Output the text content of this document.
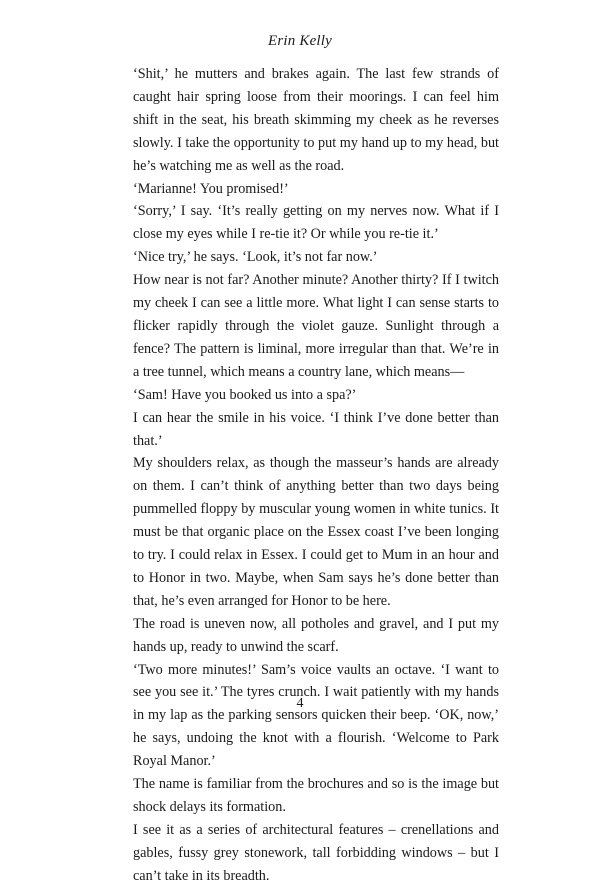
Erin Kelly

‘Shit,’ he mutters and brakes again. The last few strands of caught hair spring loose from their moorings. I can feel him shift in the seat, his breath skimming my cheek as he reverses slowly. I take the opportunity to put my hand up to my head, but he’s watching me as well as the road.

‘Marianne! You promised!’

‘Sorry,’ I say. ‘It’s really getting on my nerves now. What if I close my eyes while I re-tie it? Or while you re-tie it.’

‘Nice try,’ he says. ‘Look, it’s not far now.’

How near is not far? Another minute? Another thirty? If I twitch my cheek I can see a little more. What light I can sense starts to flicker rapidly through the violet gauze. Sunlight through a fence? The pattern is liminal, more irregular than that. We’re in a tree tunnel, which means a country lane, which means—

‘Sam! Have you booked us into a spa?’

I can hear the smile in his voice. ‘I think I’ve done better than that.’

My shoulders relax, as though the masseur’s hands are already on them. I can’t think of anything better than two days being pummelled floppy by muscular young women in white tunics. It must be that organic place on the Essex coast I’ve been longing to try. I could relax in Essex. I could get to Mum in an hour and to Honor in two. Maybe, when Sam says he’s done better than that, he’s even arranged for Honor to be here.

The road is uneven now, all potholes and gravel, and I put my hands up, ready to unwind the scarf.

‘Two more minutes!’ Sam’s voice vaults an octave. ‘I want to see you see it.’ The tyres crunch. I wait patiently with my hands in my lap as the parking sensors quicken their beep. ‘OK, now,’ he says, undoing the knot with a flourish. ‘Welcome to Park Royal Manor.’

The name is familiar from the brochures and so is the image but shock delays its formation.

I see it as a series of architectural features – crenellations and gables, fussy grey stonework, tall forbidding windows – but I can’t take in its breadth.

4
